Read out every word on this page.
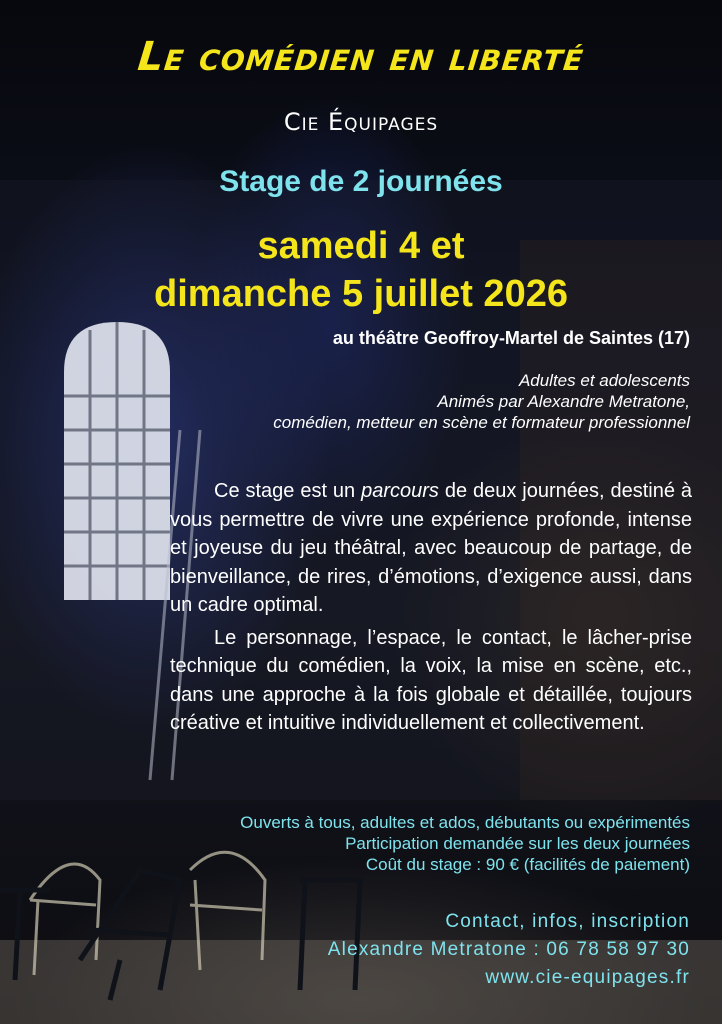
Le comédien en liberté
Cie Équipages
Stage de 2 journées
samedi 4 et
dimanche 5 juillet 2026
au théâtre Geoffroy-Martel de Saintes (17)
Adultes et adolescents
Animés par Alexandre Metratone,
comédien, metteur en scène et formateur professionnel

Ce stage est un parcours de deux journées, destiné à vous permettre de vivre une expérience profonde, intense et joyeuse du jeu théâtral, avec beaucoup de partage, de bienveillance, de rires, d’émotions, d’exigence aussi, dans un cadre optimal.

Le personnage, l’espace, le contact, le lâcher-prise technique du comédien, la voix, la mise en scène, etc., dans une approche à la fois globale et détaillée, toujours créative et intuitive individuellement et collectivement.

Ouverts à tous, adultes et ados, débutants ou expérimentés
Participation demandée sur les deux journées
Coût du stage : 90 € (facilités de paiement)
Contact, infos, inscription
Alexandre Metratone : 06 78 58 97 30
www.cie-equipages.fr
